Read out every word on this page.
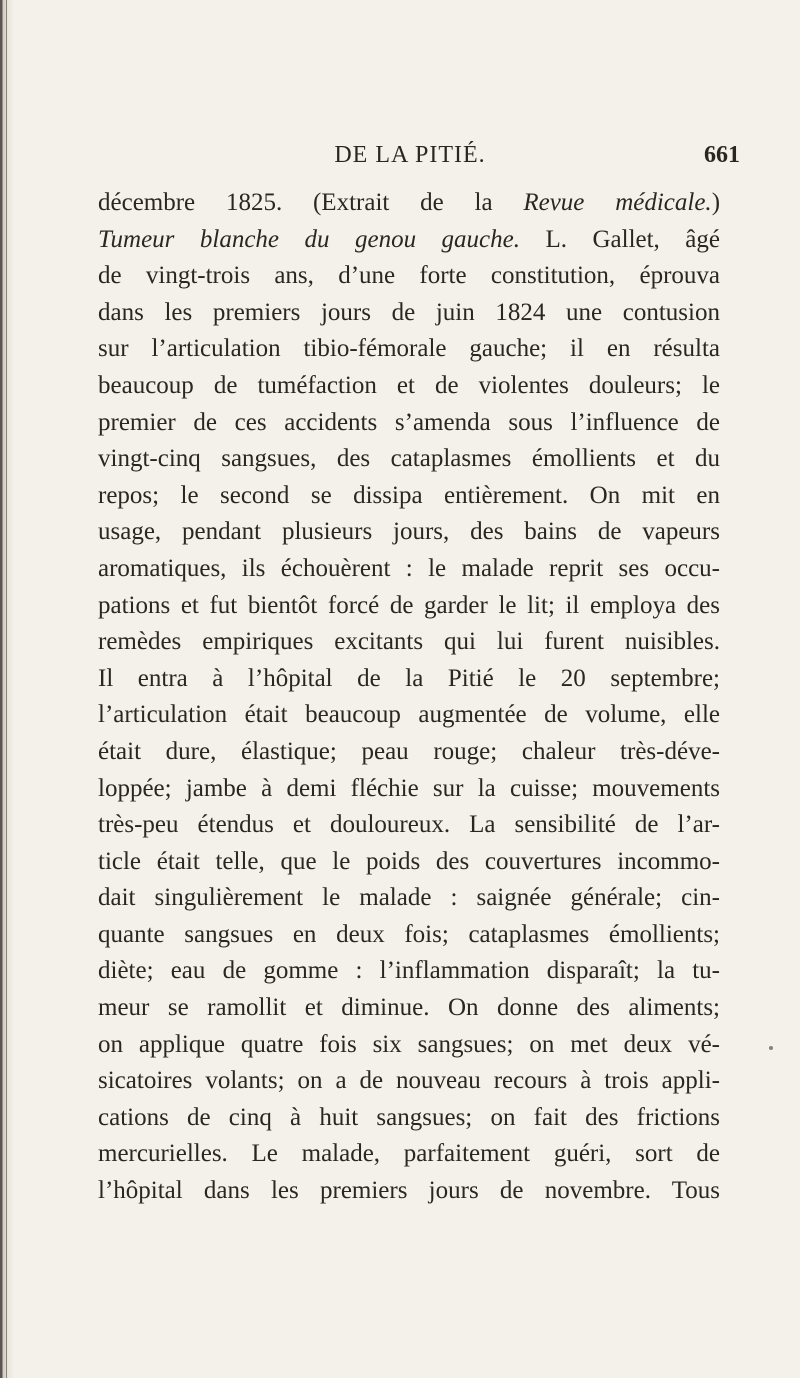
DE LA PITIÉ.	661
décembre 1825. (Extrait de la Revue médicale.)
Tumeur blanche du genou gauche. L. Gallet, âgé
de vingt-trois ans, d’une forte constitution, éprouva
dans les premiers jours de juin 1824 une contusion
sur l’articulation tibio-fémorale gauche; il en résulta
beaucoup de tuméfaction et de violentes douleurs; le
premier de ces accidents s’amenda sous l’influence de
vingt-cinq sangsues, des cataplasmes émollients et du
repos; le second se dissipa entièrement. On mit en
usage, pendant plusieurs jours, des bains de vapeurs
aromatiques, ils échouèrent : le malade reprit ses occu-
pations et fut bientôt forcé de garder le lit; il employa des
remèdes empiriques excitants qui lui furent nuisibles.
Il entra à l’hôpital de la Pitié le 20 septembre;
l’articulation était beaucoup augmentée de volume, elle
était dure, élastique; peau rouge; chaleur très-déve-
loppée; jambe à demi fléchie sur la cuisse; mouvements
très-peu étendus et douloureux. La sensibilité de l’ar-
ticle était telle, que le poids des couvertures incommo-
dait singulièrement le malade : saignée générale; cin-
quante sangsues en deux fois; cataplasmes émollients;
diète; eau de gomme : l’inflammation disparaît; la tu-
meur se ramollit et diminue. On donne des aliments;
on applique quatre fois six sangsues; on met deux vé-
sicatoires volants; on a de nouveau recours à trois appli-
cations de cinq à huit sangsues; on fait des frictions
mercurielles. Le malade, parfaitement guéri, sort de
l’hôpital dans les premiers jours de novembre. Tous
